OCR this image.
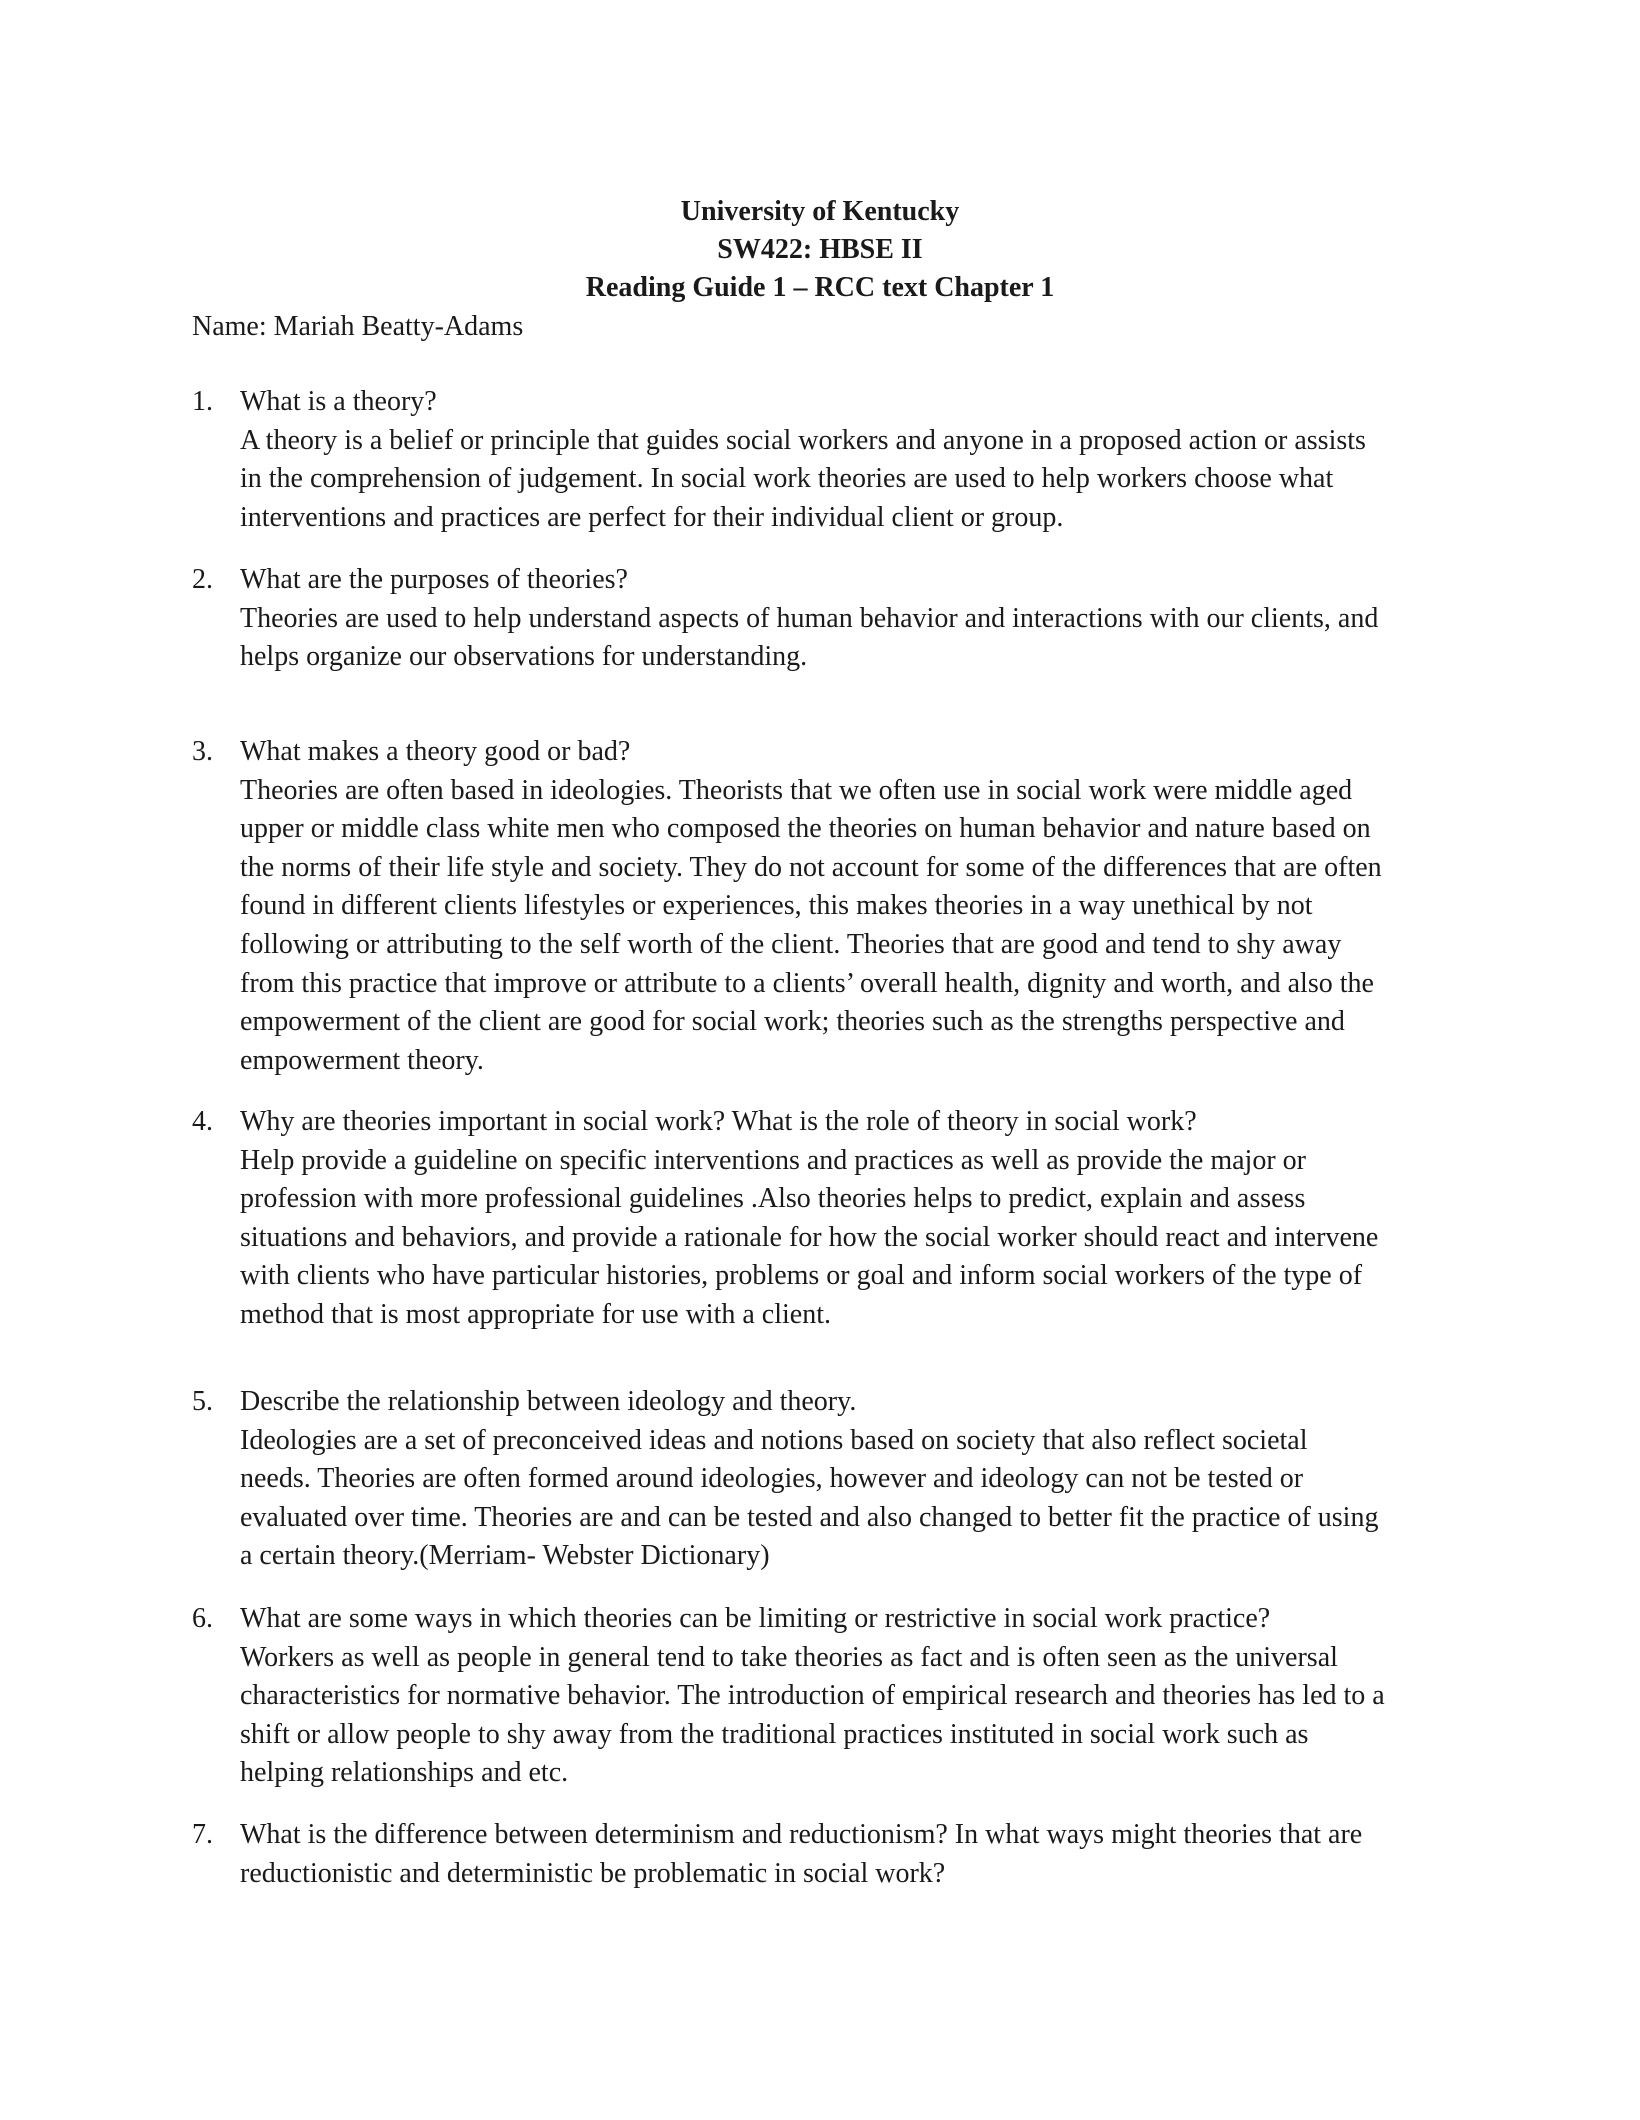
University of Kentucky
SW422: HBSE II
Reading Guide 1 – RCC text Chapter 1
Name: Mariah Beatty-Adams
1. What is a theory?
A theory is a belief or principle that guides social workers and anyone in a proposed action or assists
in the comprehension of judgement. In social work theories are used to help workers choose what
interventions and practices are perfect for their individual client or group.
2. What are the purposes of theories?
Theories are used to help understand aspects of human behavior and interactions with our clients, and
helps organize our observations for understanding.
3. What makes a theory good or bad?
Theories are often based in ideologies. Theorists that we often use in social work were middle aged
upper or middle class white men who composed the theories on human behavior and nature based on
the norms of their life style and society. They do not account for some of the differences that are often
found in different clients lifestyles or experiences, this makes theories in a way unethical by not
following or attributing to the self worth of the client. Theories that are good and tend to shy away
from this practice that improve or attribute to a clients’ overall health, dignity and worth, and also the
empowerment of the client are good for social work; theories such as the strengths perspective and
empowerment theory.
4. Why are theories important in social work? What is the role of theory in social work?
Help provide a guideline on specific interventions and practices as well as provide the major or
profession with more professional guidelines .Also theories helps to predict, explain and assess
situations and behaviors, and provide a rationale for how the social worker should react and intervene
with clients who have particular histories, problems or goal and inform social workers of the type of
method that is most appropriate for use with a client.
5. Describe the relationship between ideology and theory.
Ideologies are a set of preconceived ideas and notions based on society that also reflect societal
needs. Theories are often formed around ideologies, however and ideology can not be tested or
evaluated over time. Theories are and can be tested and also changed to better fit the practice of using
a certain theory.(Merriam- Webster Dictionary)
6. What are some ways in which theories can be limiting or restrictive in social work practice?
Workers as well as people in general tend to take theories as fact and is often seen as the universal
characteristics for normative behavior. The introduction of empirical research and theories has led to a
shift or allow people to shy away from the traditional practices instituted in social work such as
helping relationships and etc.
7. What is the difference between determinism and reductionism? In what ways might theories that are
reductionistic and deterministic be problematic in social work?
